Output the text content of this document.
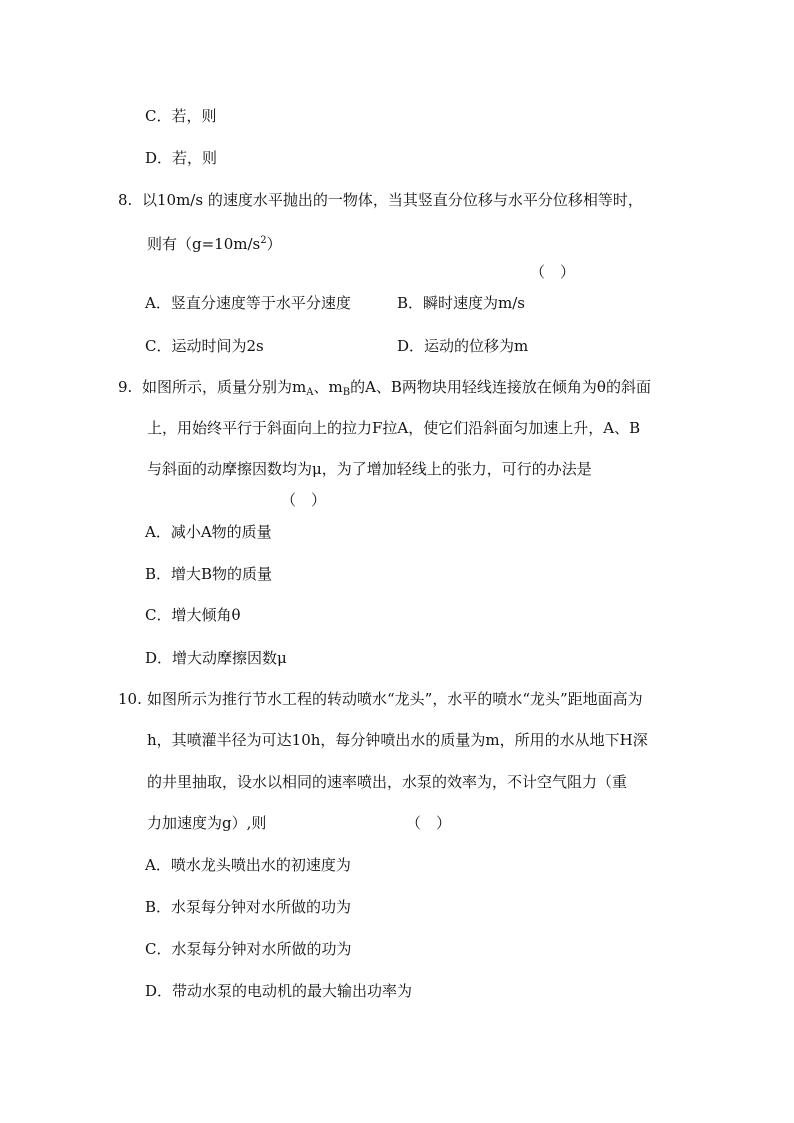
C．若，则
D．若，则
8. 以10m/s 的速度水平抛出的一物体，当其竖直分位移与水平分位移相等时，
则有$(g=10m/s^2)$
（　）
A．竖直分速度等于水平分速度	B．瞬时速度为m/s
C．运动时间为2s	D．运动的位移为m
9. 如图所示，质量分别为$m_A$、$m_B$的A、B两物块用轻线连接放在倾角为θ的斜面
上，用始终平行于斜面向上的拉力F拉A，使它们沿斜面匀加速上升，A、B
与斜面的动摩擦因数均为μ，为了增加轻线上的张力，可行的办法是
（　）
A．减小A物的质量
B．增大B物的质量
C．增大倾角θ
D．增大动摩擦因数μ
10. 如图所示为推行节水工程的转动喷水“龙头”，水平的喷水“龙头”距地面高为
h，其喷灌半径为可达10h，每分钟喷出水的质量为m，所用的水从地下H深
的井里抽取，设水以相同的速率喷出，水泵的效率为，不计空气阻力（重
力加速度为g）,则	（　）
A．喷水龙头喷出水的初速度为
B．水泵每分钟对水所做的功为
C．水泵每分钟对水所做的功为
D．带动水泵的电动机的最大输出功率为
